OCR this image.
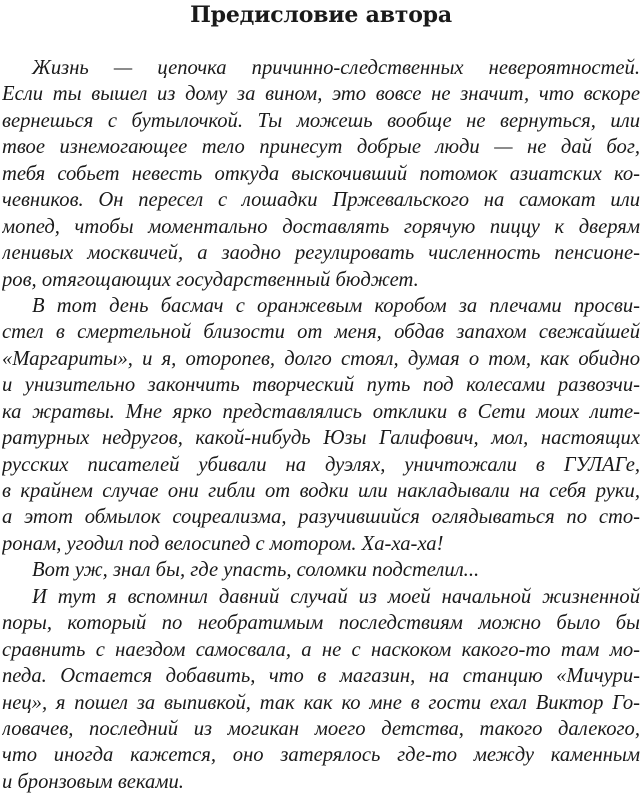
Предисловие автора
Жизнь — цепочка причинно-следственных невероятностей.
Если ты вышел из дому за вином, это вовсе не значит, что вскоре
вернешься с бутылочкой. Ты можешь вообще не вернуться, или
твое изнемогающее тело принесут добрые люди — не дай бог,
тебя собьет невесть откуда выскочивший потомок азиатских ко-
чевников. Он пересел с лошадки Пржевальского на самокат или
мопед, чтобы моментально доставлять горячую пиццу к дверям
ленивых москвичей, а заодно регулировать численность пенсионе-
ров, отягощающих государственный бюджет.
В тот день басмач с оранжевым коробом за плечами просви-
стел в смертельной близости от меня, обдав запахом свежайшей
«Маргариты», и я, оторопев, долго стоял, думая о том, как обидно
и унизительно закончить творческий путь под колесами развозчи-
ка жратвы. Мне ярко представлялись отклики в Сети моих лите-
ратурных недругов, какой-нибудь Юзы Галифович, мол, настоящих
русских писателей убивали на дуэлях, уничтожали в ГУЛАГе,
в крайнем случае они гибли от водки или накладывали на себя руки,
а этот обмылок соцреализма, разучившийся оглядываться по сто-
ронам, угодил под велосипед с мотором. Ха-ха-ха!
Вот уж, знал бы, где упасть, соломки подстелил...
И тут я вспомнил давний случай из моей начальной жизненной
поры, который по необратимым последствиям можно было бы
сравнить с наездом самосвала, а не с наскоком какого-то там мо-
педа. Остается добавить, что в магазин, на станцию «Мичури-
нец», я пошел за выпивкой, так как ко мне в гости ехал Виктор Го-
ловачев, последний из могикан моего детства, такого далекого,
что иногда кажется, оно затерялось где-то между каменным
и бронзовым веками.
